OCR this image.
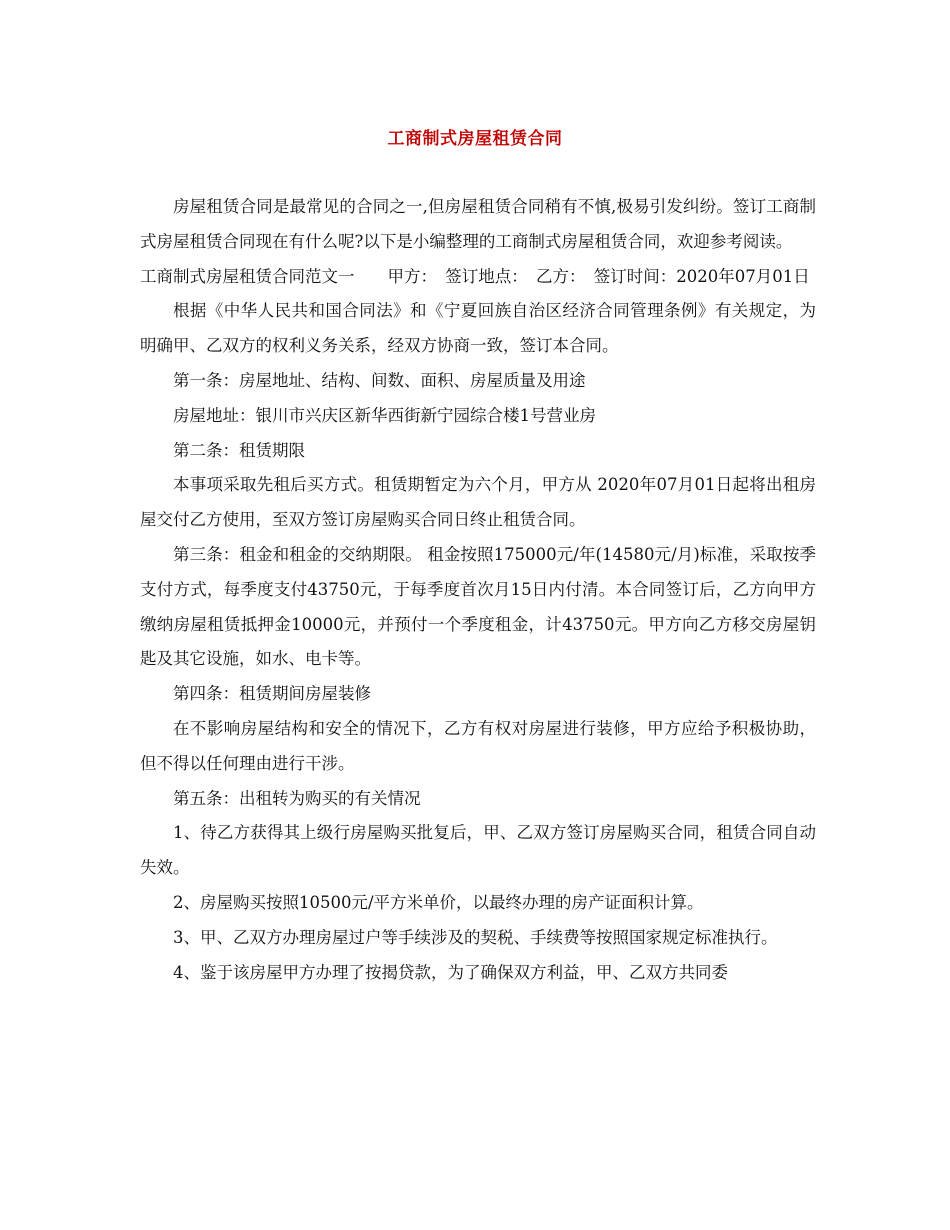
工商制式房屋租赁合同

房屋租赁合同是最常见的合同之一,但房屋租赁合同稍有不慎,极易引发纠纷。签订工商制式房屋租赁合同现在有什么呢?以下是小编整理的工商制式房屋租赁合同，欢迎参考阅读。

工商制式房屋租赁合同范文一　　甲方：　签订地点：　乙方：　签订时间：2020年07月01日

根据《中华人民共和国合同法》和《宁夏回族自治区经济合同管理条例》有关规定，为明确甲、乙双方的权利义务关系，经双方协商一致，签订本合同。

第一条：房屋地址、结构、间数、面积、房屋质量及用途

房屋地址：银川市兴庆区新华西街新宁园综合楼1号营业房

第二条：租赁期限

本事项采取先租后买方式。租赁期暂定为六个月，甲方从 2020年07月01日起将出租房屋交付乙方使用，至双方签订房屋购买合同日终止租赁合同。

第三条：租金和租金的交纳期限。 租金按照175000元/年(14580元/月)标准，采取按季支付方式，每季度支付43750元，于每季度首次月15日内付清。本合同签订后，乙方向甲方缴纳房屋租赁抵押金10000元，并预付一个季度租金，计43750元。甲方向乙方移交房屋钥匙及其它设施，如水、电卡等。

第四条：租赁期间房屋装修

在不影响房屋结构和安全的情况下，乙方有权对房屋进行装修，甲方应给予积极协助，但不得以任何理由进行干涉。

第五条：出租转为购买的有关情况

1、待乙方获得其上级行房屋购买批复后，甲、乙双方签订房屋购买合同，租赁合同自动失效。

2、房屋购买按照10500元/平方米单价，以最终办理的房产证面积计算。

3、甲、乙双方办理房屋过户等手续涉及的契税、手续费等按照国家规定标准执行。

4、鉴于该房屋甲方办理了按揭贷款，为了确保双方利益，甲、乙双方共同委
